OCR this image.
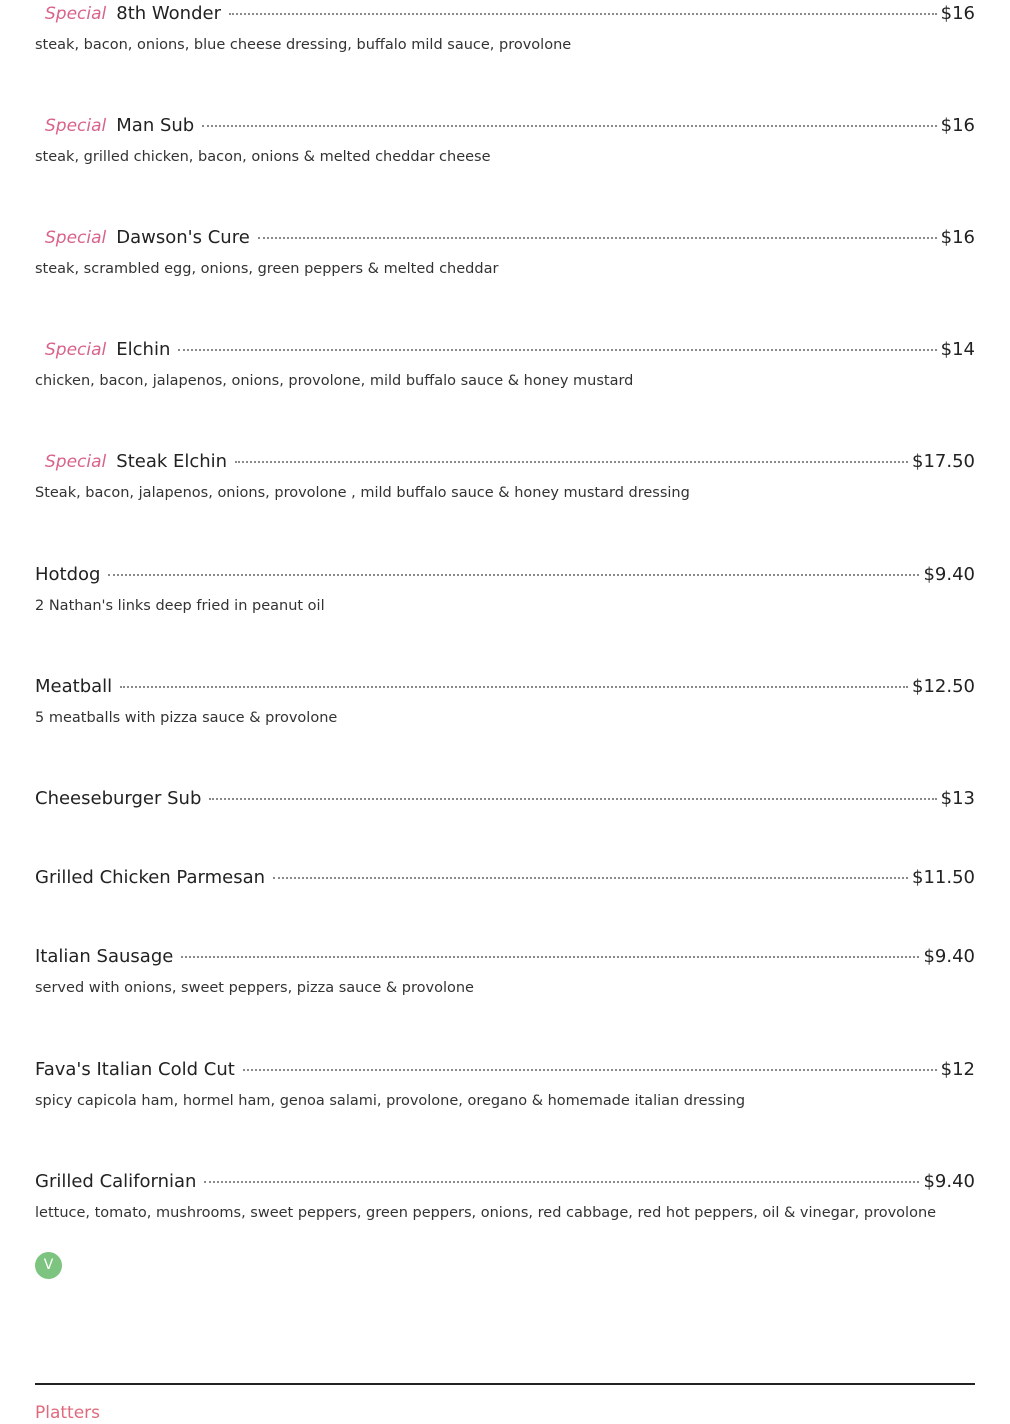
Special 8th Wonder	$16
steak, bacon, onions, blue cheese dressing, buffalo mild sauce, provolone
Special Man Sub	$16
steak, grilled chicken, bacon, onions & melted cheddar cheese
Special Dawson's Cure	$16
steak, scrambled egg, onions, green peppers & melted cheddar
Special Elchin	$14
chicken, bacon, jalapenos, onions, provolone, mild buffalo sauce & honey mustard
Special Steak Elchin	$17.50
Steak, bacon, jalapenos, onions, provolone , mild buffalo sauce & honey mustard dressing
Hotdog	$9.40
2 Nathan's links deep fried in peanut oil
Meatball	$12.50
5 meatballs with pizza sauce & provolone
Cheeseburger Sub	$13
Grilled Chicken Parmesan	$11.50
Italian Sausage	$9.40
served with onions, sweet peppers, pizza sauce & provolone
Fava's Italian Cold Cut	$12
spicy capicola ham, hormel ham, genoa salami, provolone, oregano & homemade italian dressing
Grilled Californian	$9.40
lettuce, tomato, mushrooms, sweet peppers, green peppers, onions, red cabbage, red hot peppers, oil & vinegar, provolone
V
Platters
